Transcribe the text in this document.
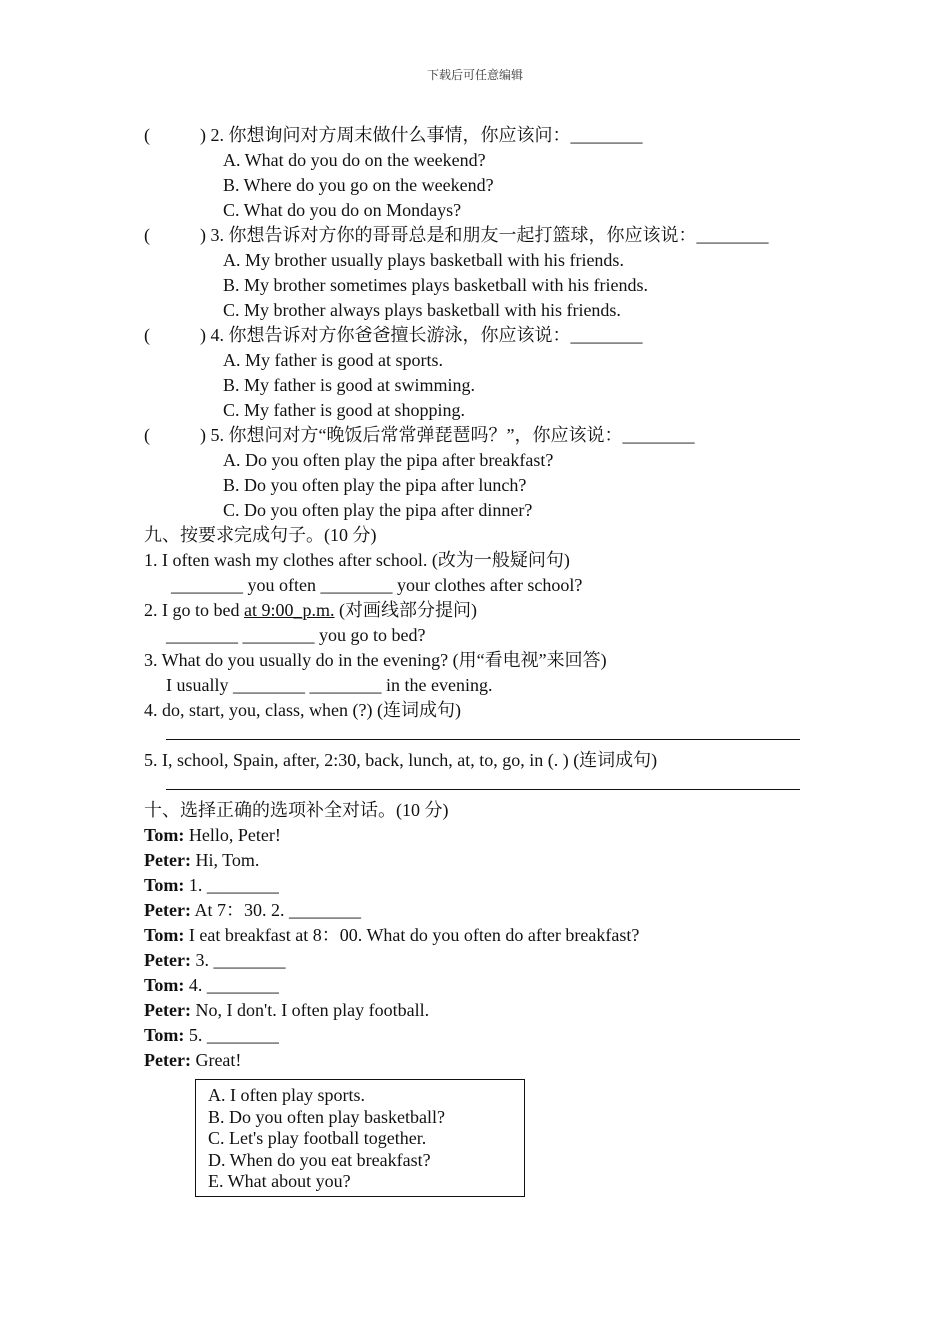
下载后可任意编辑
(	) 2. 你想询问对方周末做什么事情，你应该问：________
A. What do you do on the weekend?
B. Where do you go on the weekend?
C. What do you do on Mondays?
(	) 3. 你想告诉对方你的哥哥总是和朋友一起打篮球，你应该说：________
A. My brother usually plays basketball with his friends.
B. My brother sometimes plays basketball with his friends.
C. My brother always plays basketball with his friends.
(	) 4. 你想告诉对方你爸爸擅长游泳，你应该说：________
A. My father is good at sports.
B. My father is good at swimming.
C. My father is good at shopping.
(	) 5. 你想问对方“晚饭后常常弹琵琶吗？”，你应该说：________
A. Do you often play the pipa after breakfast?
B. Do you often play the pipa after lunch?
C. Do you often play the pipa after dinner?
九、按要求完成句子。(10 分)
1. I often wash my clothes after school. (改为一般疑问句)
________ you often ________ your clothes after school?
2. I go to bed at 9:00_p.m. (对画线部分提问)
________ ________ you go to bed?
3. What do you usually do in the evening? (用“看电视”来回答)
I usually ________ ________ in the evening.
4. do, start, you, class, when (?) (连词成句)
5. I, school, Spain, after, 2:30, back, lunch, at, to, go, in (. ) (连词成句)
十、选择正确的选项补全对话。(10 分)
Tom: Hello, Peter!
Peter: Hi, Tom.
Tom: 1. ________
Peter: At 7：30. 2. ________
Tom: I eat breakfast at 8：00. What do you often do after breakfast?
Peter: 3. ________
Tom: 4. ________
Peter: No, I don't. I often play football.
Tom: 5. ________
Peter: Great!
A. I often play sports.
B. Do you often play basketball?
C. Let's play football together.
D. When do you eat breakfast?
E. What about you?
